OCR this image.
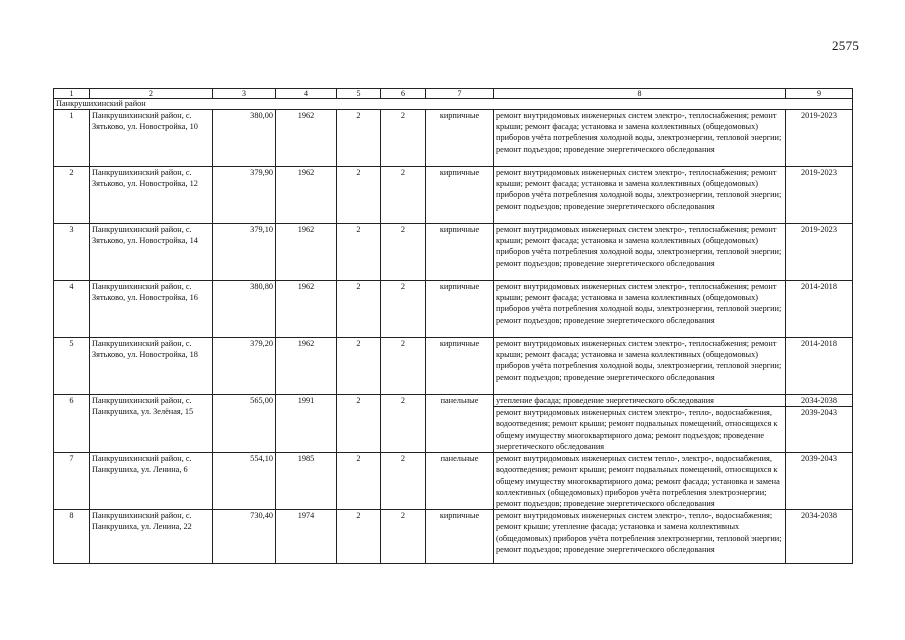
2575
1	2	3	4	5	6	7	8	9
Панкрушихинский район								
1	Панкрушихинский район, с. Зятьково, ул. Новостройка, 10	380,00	1962	2	2	кирпичные	ремонт внутридомовых инженерных систем электро-, теплоснабжения; ремонт крыши; ремонт фасада; установка и замена коллективных (общедомовых) приборов учёта потребления холодной воды, электроэнергии, тепловой энергии; ремонт подъездов; проведение энергетического обследования	2019-2023
2	Панкрушихинский район, с. Зятьково, ул. Новостройка, 12	379,90	1962	2	2	кирпичные	ремонт внутридомовых инженерных систем электро-, теплоснабжения; ремонт крыши; ремонт фасада; установка и замена коллективных (общедомовых) приборов учёта потребления холодной воды, электроэнергии, тепловой энергии; ремонт подъездов; проведение энергетического обследования	2019-2023
3	Панкрушихинский район, с. Зятьково, ул. Новостройка, 14	379,10	1962	2	2	кирпичные	ремонт внутридомовых инженерных систем электро-, теплоснабжения; ремонт крыши; ремонт фасада; установка и замена коллективных (общедомовых) приборов учёта потребления холодной воды, электроэнергии, тепловой энергии; ремонт подъездов; проведение энергетического обследования	2019-2023
4	Панкрушихинский район, с. Зятьково, ул. Новостройка, 16	380,80	1962	2	2	кирпичные	ремонт внутридомовых инженерных систем электро-, теплоснабжения; ремонт крыши; ремонт фасада; установка и замена коллективных (общедомовых) приборов учёта потребления холодной воды, электроэнергии, тепловой энергии; ремонт подъездов; проведение энергетического обследования	2014-2018
5	Панкрушихинский район, с. Зятьково, ул. Новостройка, 18	379,20	1962	2	2	кирпичные	ремонт внутридомовых инженерных систем электро-, теплоснабжения; ремонт крыши; ремонт фасада; установка и замена коллективных (общедомовых) приборов учёта потребления холодной воды, электроэнергии, тепловой энергии; ремонт подъездов; проведение энергетического обследования	2014-2018
6	Панкрушихинский район, с. Панкрушиха, ул. Зелёная, 15	565,00	1991	2	2	панельные	утепление фасада; проведение энергетического обследования	2034-2038
							ремонт внутридомовых инженерных систем электро-, тепло-, водоснабжения, водоотведения; ремонт крыши; ремонт подвальных помещений, относящихся к общему имуществу многоквартирного дома; ремонт подъездов; проведение энергетического обследования	2039-2043
7	Панкрушихинский район, с. Панкрушиха, ул. Ленина, 6	554,10	1985	2	2	панельные	ремонт внутридомовых инженерных систем тепло-, электро-, водоснабжения, водоотведения; ремонт крыши; ремонт подвальных помещений, относящихся к общему имуществу многоквартирного дома; ремонт фасада; установка и замена коллективных (общедомовых) приборов учёта потребления электроэнергии; ремонт подъездов; проведение энергетического обследования	2039-2043
8	Панкрушихинский район, с. Панкрушиха, ул. Ленина, 22	730,40	1974	2	2	кирпичные	ремонт внутридомовых инженерных систем электро-, тепло-, водоснабжения; ремонт крыши; утепление фасада; установка и замена коллективных (общедомовых) приборов учёта потребления электроэнергии, тепловой энергии; ремонт подъездов; проведение энергетического обследования	2034-2038
